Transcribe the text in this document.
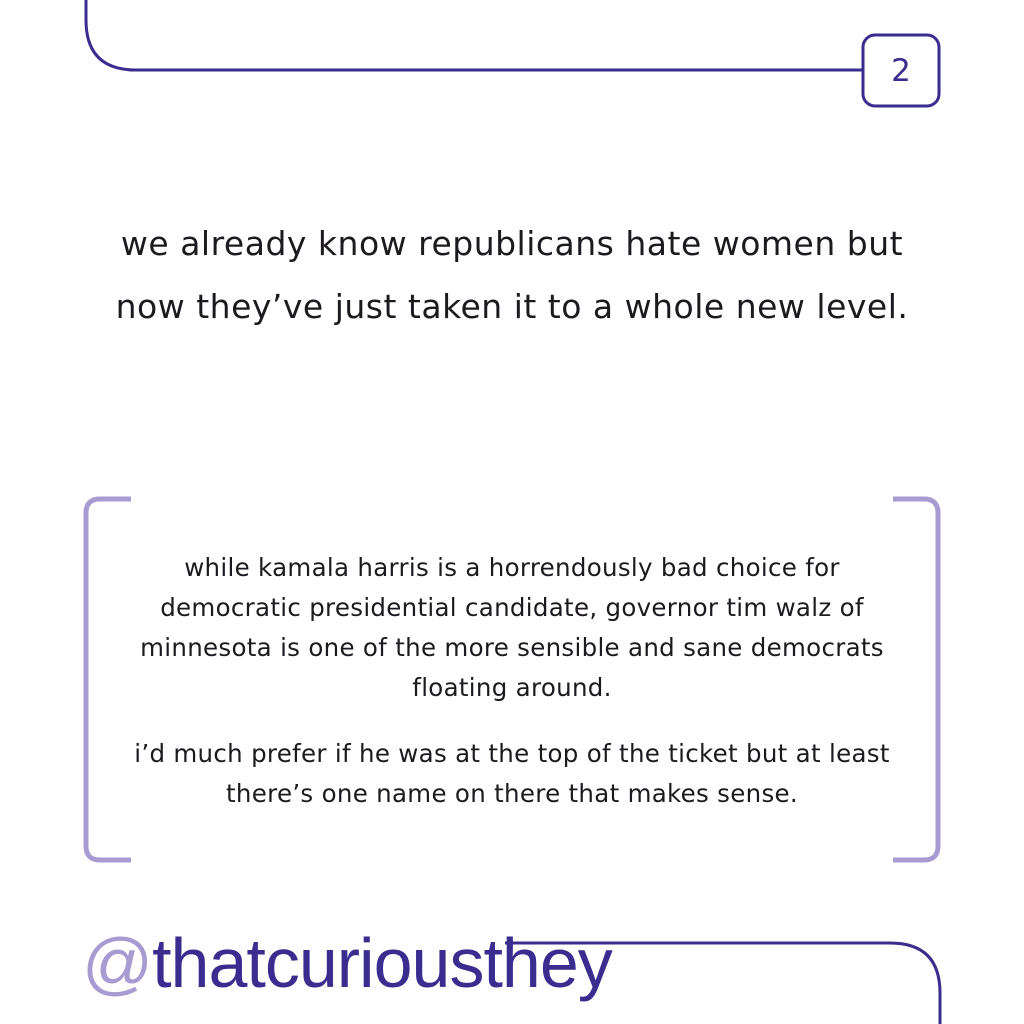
2
we already know republicans hate women but now they’ve just taken it to a whole new level.

while kamala harris is a horrendously bad choice for democratic presidential candidate, governor tim walz of minnesota is one of the more sensible and sane democrats floating around.

i’d much prefer if he was at the top of the ticket but at least there’s one name on there that makes sense.

@ thatcuriousthey
